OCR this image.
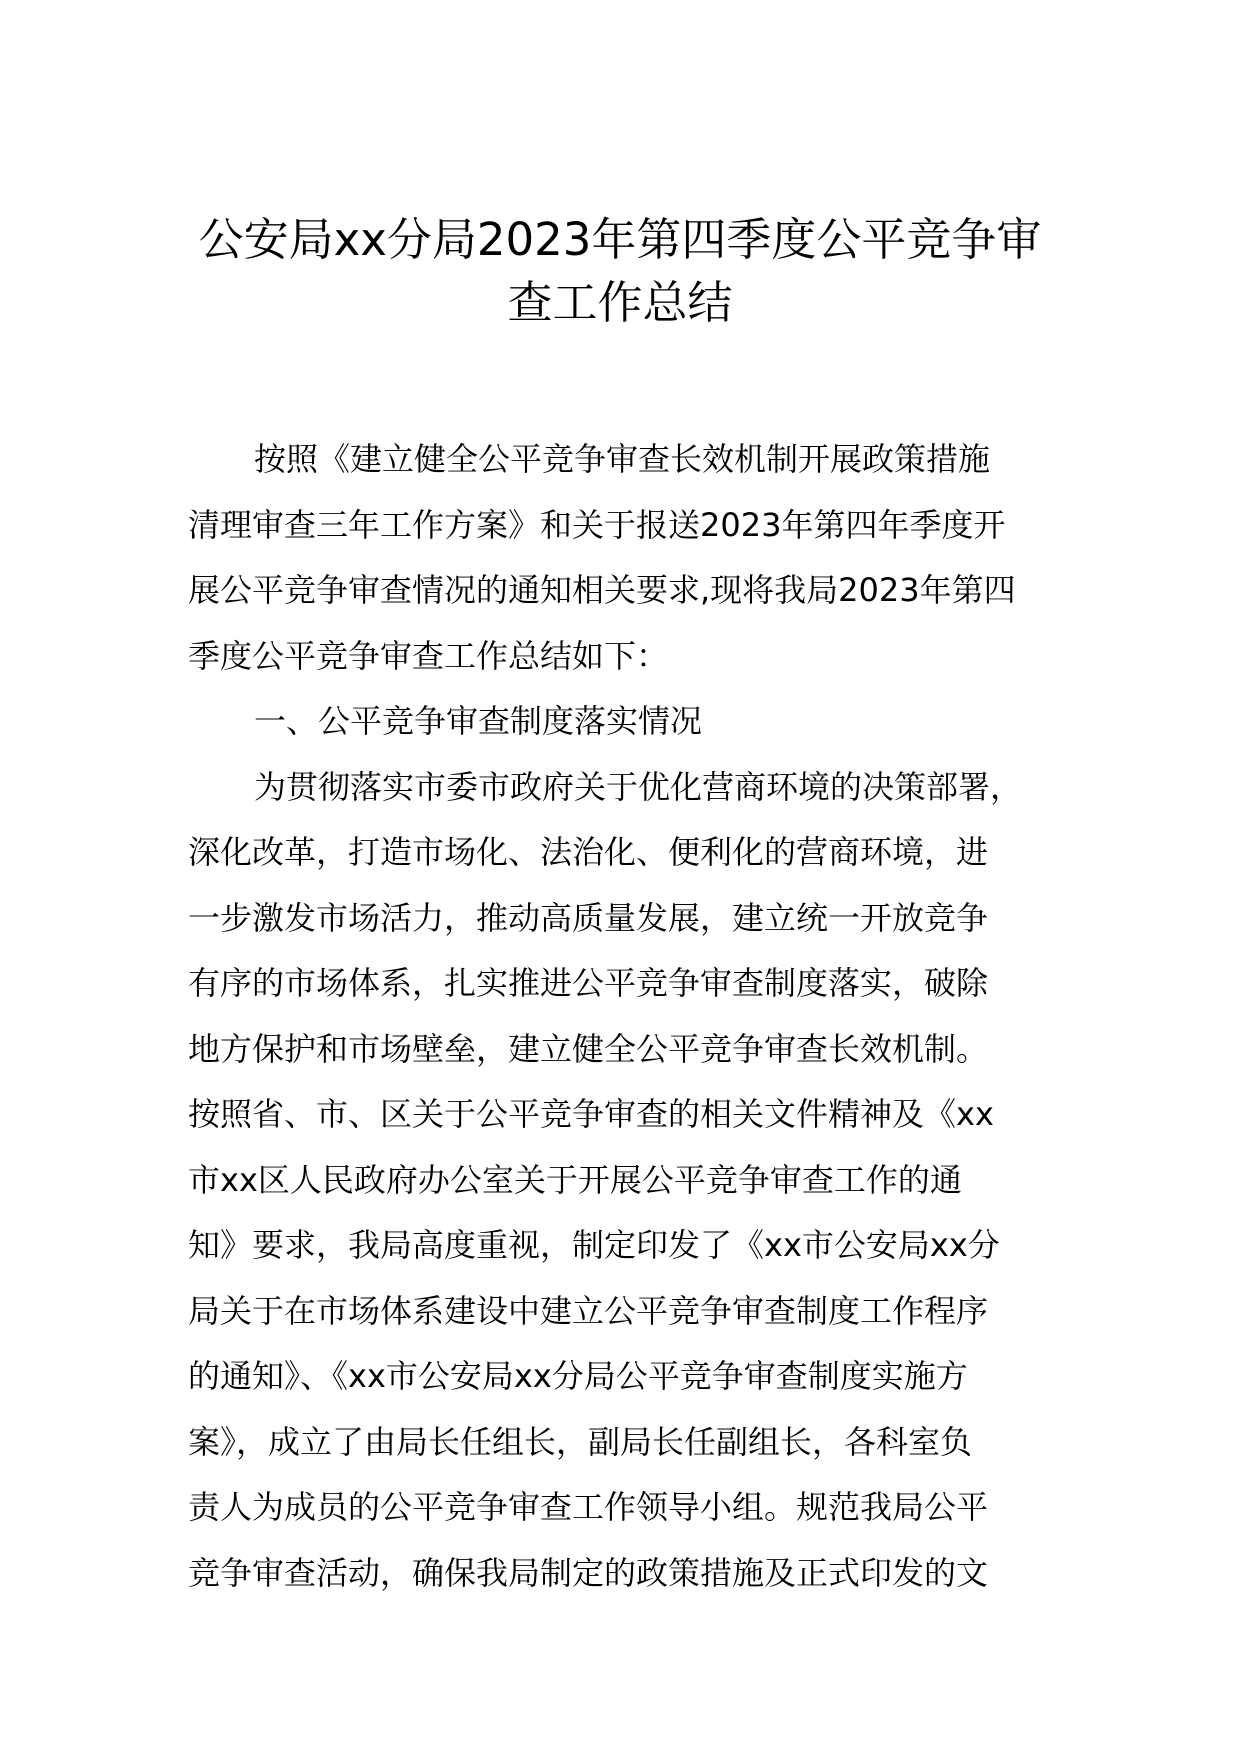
公安局xx分局2023年第四季度公平竞争审
查工作总结
按照《建立健全公平竞争审查长效机制开展政策措施
清理审查三年工作方案》和关于报送2023年第四年季度开
展公平竞争审查情况的通知相关要求,现将我局2023年第四
季度公平竞争审查工作总结如下：
一、公平竞争审查制度落实情况
为贯彻落实市委市政府关于优化营商环境的决策部署，
深化改革，打造市场化、法治化、便利化的营商环境，进
一步激发市场活力，推动高质量发展，建立统一开放竞争
有序的市场体系，扎实推进公平竞争审查制度落实，破除
地方保护和市场壁垒，建立健全公平竞争审查长效机制。
按照省、市、区关于公平竞争审查的相关文件精神及《xx
市xx区人民政府办公室关于开展公平竞争审查工作的通
知》要求，我局高度重视，制定印发了《xx市公安局xx分
局关于在市场体系建设中建立公平竞争审查制度工作程序
的通知》、《xx市公安局xx分局公平竞争审查制度实施方
案》，成立了由局长任组长，副局长任副组长，各科室负
责人为成员的公平竞争审查工作领导小组。规范我局公平
竞争审查活动，确保我局制定的政策措施及正式印发的文
